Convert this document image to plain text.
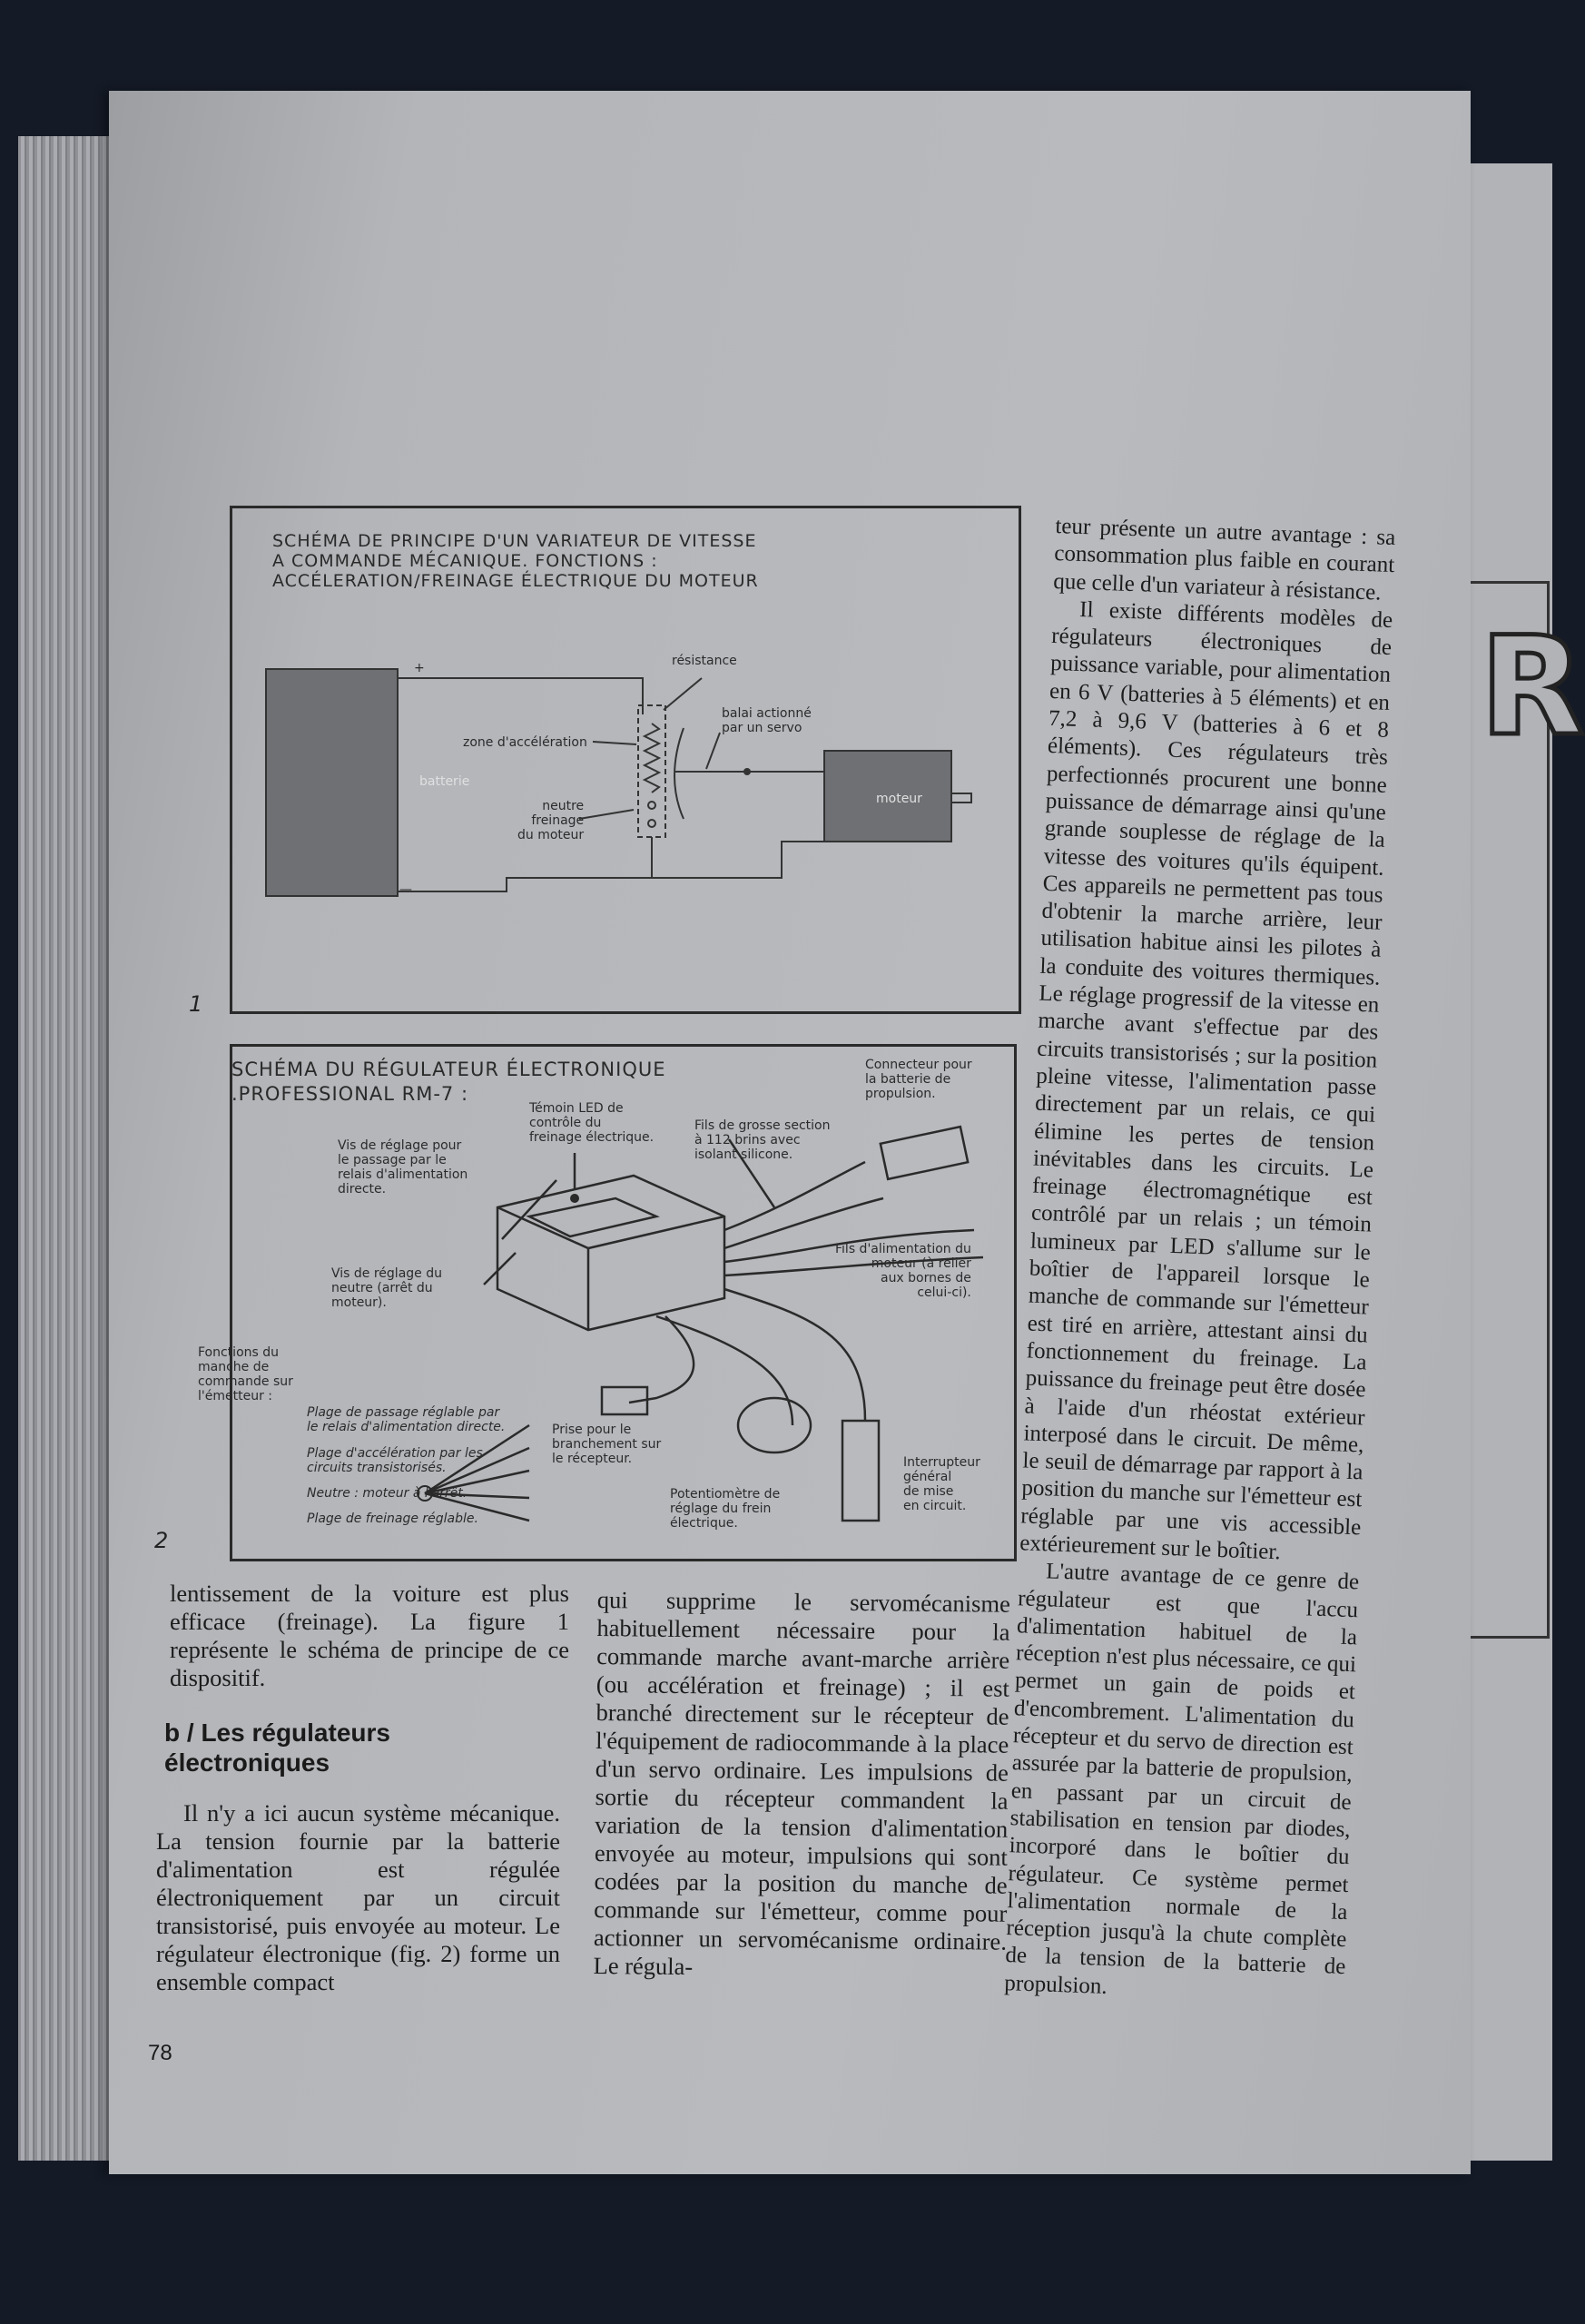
R
1
SCHÉMA DE PRINCIPE D'UN VARIATEUR DE VITESSE
A COMMANDE MÉCANIQUE. FONCTIONS :
ACCÉLERATION/FREINAGE ÉLECTRIQUE DU MOTEUR
batterie
+
—
résistance
balai actionné
par un servo
zone d'accélération
neutre
freinage
du moteur
moteur
2
SCHÉMA DU RÉGULATEUR ÉLECTRONIQUE
.PROFESSIONAL RM-7 :
Connecteur pour
la batterie de
propulsion.
Témoin LED de
contrôle du
freinage électrique.
Fils de grosse section
à 112 brins avec
isolant silicone.
Vis de réglage pour
le passage par le
relais d'alimentation
directe.
Fils d'alimentation du
moteur (à relier
aux bornes de
celui-ci).
Vis de réglage du
neutre (arrêt du
moteur).
Fonctions du
manche de
commande sur
l'émetteur :
Plage de passage réglable par
le relais d'alimentation directe.
Plage d'accélération par les
circuits transistorisés.
Neutre : moteur à l'arrêt.
Plage de freinage réglable.
Prise pour le
branchement sur
le récepteur.
Potentiomètre de
réglage du frein
électrique.
Interrupteur
général
de mise
en circuit.

lentissement de la voiture est plus efficace (freinage). La figure 1 représente le schéma de principe de ce dispositif.

b / Les régulateurs
électroniques

Il n'y a ici aucun système mécanique. La tension fournie par la batterie d'alimentation est régulée électroniquement par un circuit transistorisé, puis envoyée au moteur. Le régulateur électronique (fig. 2) forme un ensemble compact

qui supprime le servomécanisme habituellement nécessaire pour la commande marche avant-marche arrière (ou accélération et freinage) ; il est branché directement sur le récepteur de l'équipement de radiocommande à la place d'un servo ordinaire. Les impulsions de sortie du récepteur commandent la variation de la tension d'alimentation envoyée au moteur, impulsions qui sont codées par la position du manche de commande sur l'émetteur, comme pour actionner un servomécanisme ordinaire. Le régula-

teur présente un autre avantage : sa consommation plus faible en courant que celle d'un variateur à résistance.

Il existe différents modèles de régulateurs électroniques de puissance variable, pour alimentation en 6 V (batteries à 5 éléments) et en 7,2 à 9,6 V (batteries à 6 et 8 éléments). Ces régulateurs très perfectionnés procurent une bonne puissance de démarrage ainsi qu'une grande souplesse de réglage de la vitesse des voitures qu'ils équipent. Ces appareils ne permettent pas tous d'obtenir la marche arrière, leur utilisation habitue ainsi les pilotes à la conduite des voitures thermiques. Le réglage progressif de la vitesse en marche avant s'effectue par des circuits transistorisés ; sur la position pleine vitesse, l'alimentation passe directement par un relais, ce qui élimine les pertes de tension inévitables dans les circuits. Le freinage électromagnétique est contrôlé par un relais ; un témoin lumineux par LED s'allume sur le boîtier de l'appareil lorsque le manche de commande sur l'émetteur est tiré en arrière, attestant ainsi du fonctionnement du freinage. La puissance du freinage peut être dosée à l'aide d'un rhéostat extérieur interposé dans le circuit. De même, le seuil de démarrage par rapport à la position du manche sur l'émetteur est réglable par une vis accessible extérieurement sur le boîtier.

L'autre avantage de ce genre de régulateur est que l'accu d'alimentation habituel de la réception n'est plus nécessaire, ce qui permet un gain de poids et d'encombrement. L'alimentation du récepteur et du servo de direction est assurée par la batterie de propulsion, en passant par un circuit de stabilisation en tension par diodes, incorporé dans le boîtier du régulateur. Ce système permet l'alimentation normale de la réception jusqu'à la chute complète de la tension de la batterie de propulsion.

78
